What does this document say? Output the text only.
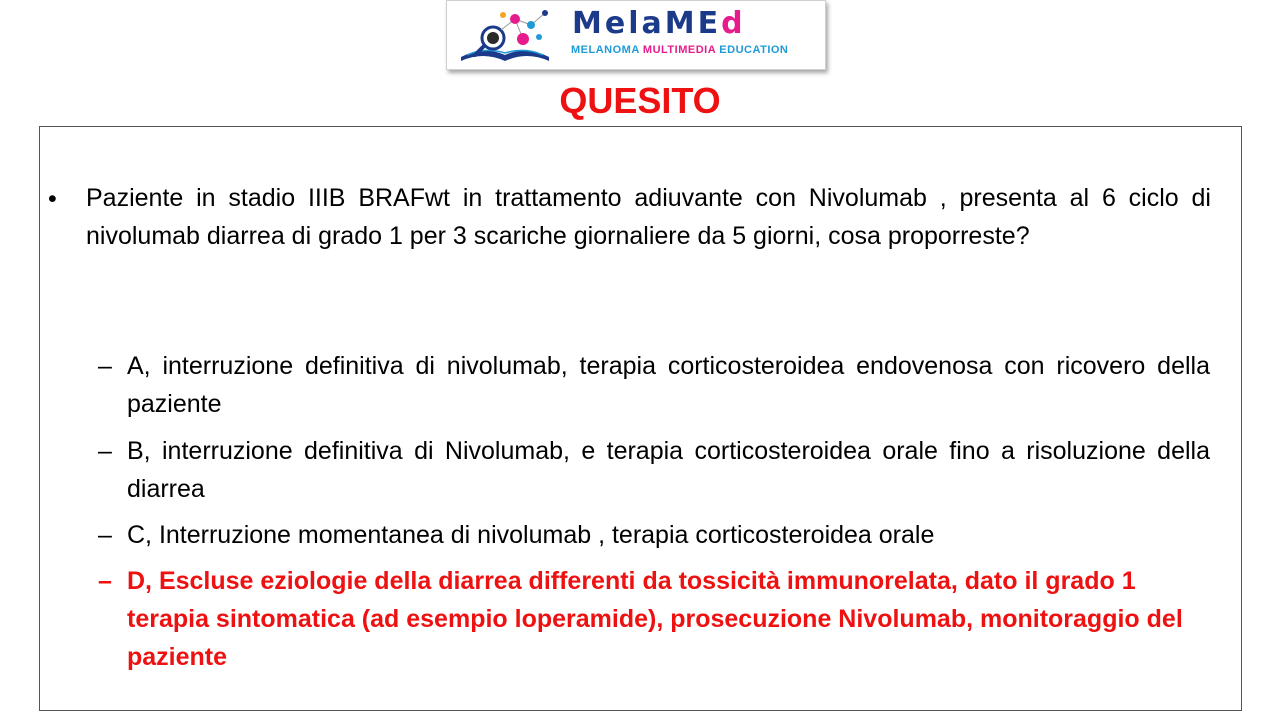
MelaMEd
MELANOMA MULTIMEDIA EDUCATION
QUESITO
• Paziente in stadio IIIB BRAFwt in trattamento adiuvante con Nivolumab , presenta al 6 ciclo di nivolumab diarrea di grado 1 per 3 scariche giornaliere da 5 giorni, cosa proporreste?
– A, interruzione definitiva di nivolumab, terapia corticosteroidea endovenosa con ricovero della paziente
– B, interruzione definitiva di Nivolumab, e terapia corticosteroidea orale fino a risoluzione della diarrea
– C, Interruzione momentanea di nivolumab , terapia corticosteroidea orale
– D, Escluse eziologie della diarrea differenti da tossicità immunorelata, dato il grado 1 terapia sintomatica (ad esempio loperamide), prosecuzione Nivolumab, monitoraggio del paziente
